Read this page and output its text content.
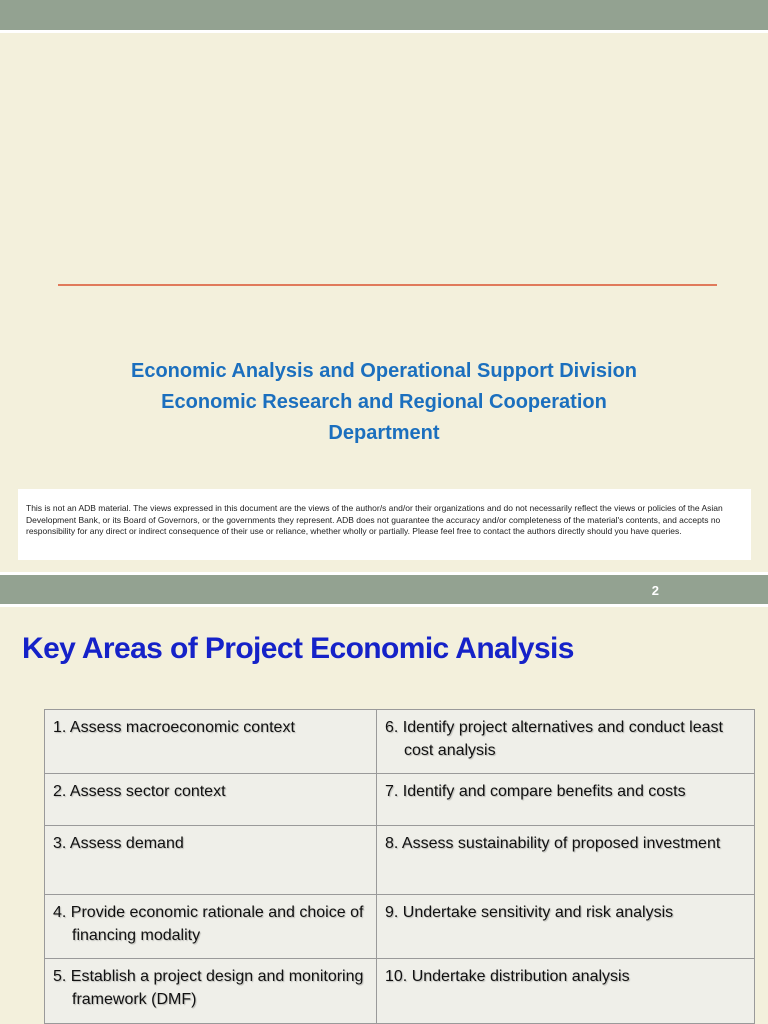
Economic Analysis and Operational Support Division
Economic Research and Regional Cooperation
Department
This is not an ADB material. The views expressed in this document are the views of the author/s and/or their organizations and do not necessarily reflect the views or policies of the Asian Development Bank, or its Board of Governors, or the governments they represent. ADB does not guarantee the accuracy and/or completeness of the material's contents, and accepts no responsibility for any direct or indirect consequence of their use or reliance, whether wholly or partially. Please feel free to contact the authors directly should you have queries.
2
Key Areas of Project Economic Analysis
1. Assess macroeconomic context	6. Identify project alternatives and conduct least cost analysis

2. Assess sector context	7. Identify and compare benefits and costs

3. Assess demand	8. Assess sustainability of proposed investment

4. Provide economic rationale and choice of financing modality	9. Undertake sensitivity and risk analysis

5. Establish a project design and monitoring framework (DMF)	10. Undertake distribution analysis
